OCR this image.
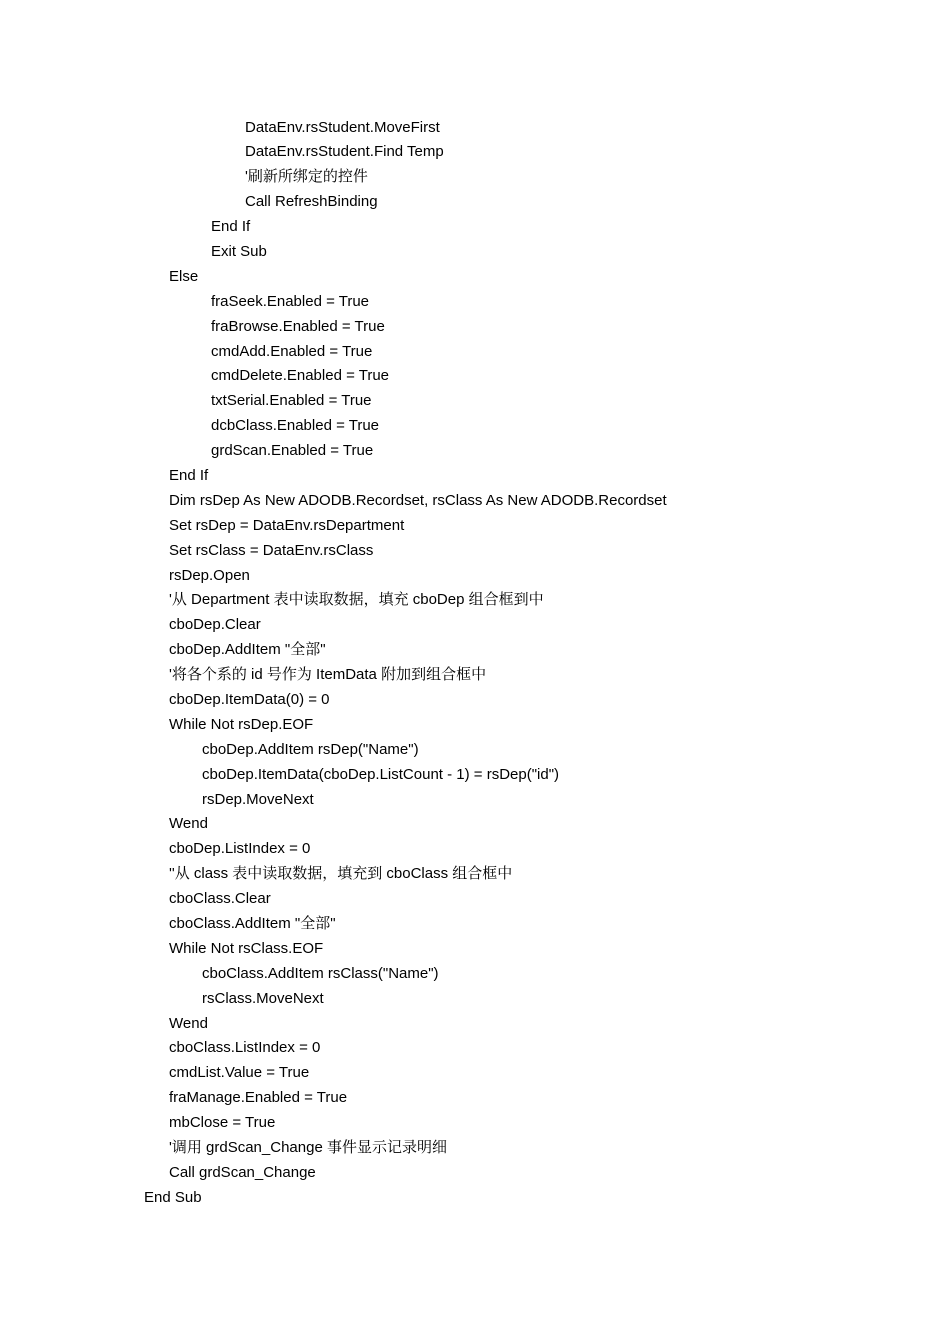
DataEnv.rsStudent.MoveFirst
DataEnv.rsStudent.Find Temp
'刷新所绑定的控件
Call RefreshBinding
End If
Exit Sub
Else
fraSeek.Enabled = True
fraBrowse.Enabled = True
cmdAdd.Enabled = True
cmdDelete.Enabled = True
txtSerial.Enabled = True
dcbClass.Enabled = True
grdScan.Enabled = True
End If
Dim rsDep As New ADODB.Recordset, rsClass As New ADODB.Recordset
Set rsDep = DataEnv.rsDepartment
Set rsClass = DataEnv.rsClass
rsDep.Open
'从 Department 表中读取数据，填充 cboDep 组合框到中
cboDep.Clear
cboDep.AddItem "全部"
'将各个系的 id 号作为 ItemData 附加到组合框中
cboDep.ItemData(0) = 0
While Not rsDep.EOF
cboDep.AddItem rsDep("Name")
cboDep.ItemData(cboDep.ListCount - 1) = rsDep("id")
rsDep.MoveNext
Wend
cboDep.ListIndex = 0
''从 class 表中读取数据，填充到 cboClass 组合框中
cboClass.Clear
cboClass.AddItem "全部"
While Not rsClass.EOF
cboClass.AddItem rsClass("Name")
rsClass.MoveNext
Wend
cboClass.ListIndex = 0
cmdList.Value = True
fraManage.Enabled = True
mbClose = True
'调用 grdScan_Change 事件显示记录明细
Call grdScan_Change
End Sub
